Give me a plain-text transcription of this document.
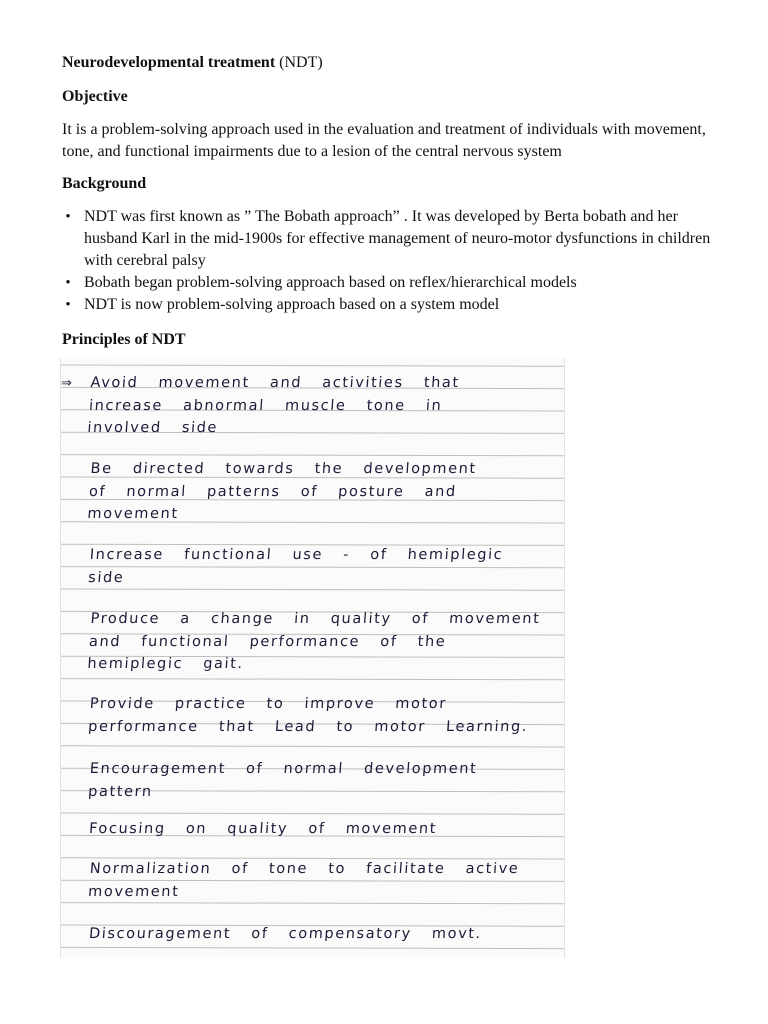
Neurodevelopmental treatment (NDT)
Objective
It is a problem-solving approach used in the evaluation and treatment of individuals with movement, tone, and functional impairments due to a lesion of the central nervous system
Background
• NDT was first known as ” The Bobath approach” . It was developed by Berta bobath and her husband Karl in the mid-1900s for effective management of neuro-motor dysfunctions in children with cerebral palsy
• Bobath began problem-solving approach based on reflex/hierarchical models
• NDT is now problem-solving approach based on a system model
Principles of NDT
⇒ Avoid movement and activities that
increase abnormal muscle tone in
involved side
Be directed towards the development
of normal patterns of posture and
movement
Increase functional use - of hemiplegic
side
Produce a change in quality of movement
and functional performance of the
hemiplegic gait.
Provide practice to improve motor
performance that Lead to motor Learning.
Encouragement of normal development
pattern
Focusing on quality of movement
Normalization of tone to facilitate active
movement
Discouragement of compensatory movt.
